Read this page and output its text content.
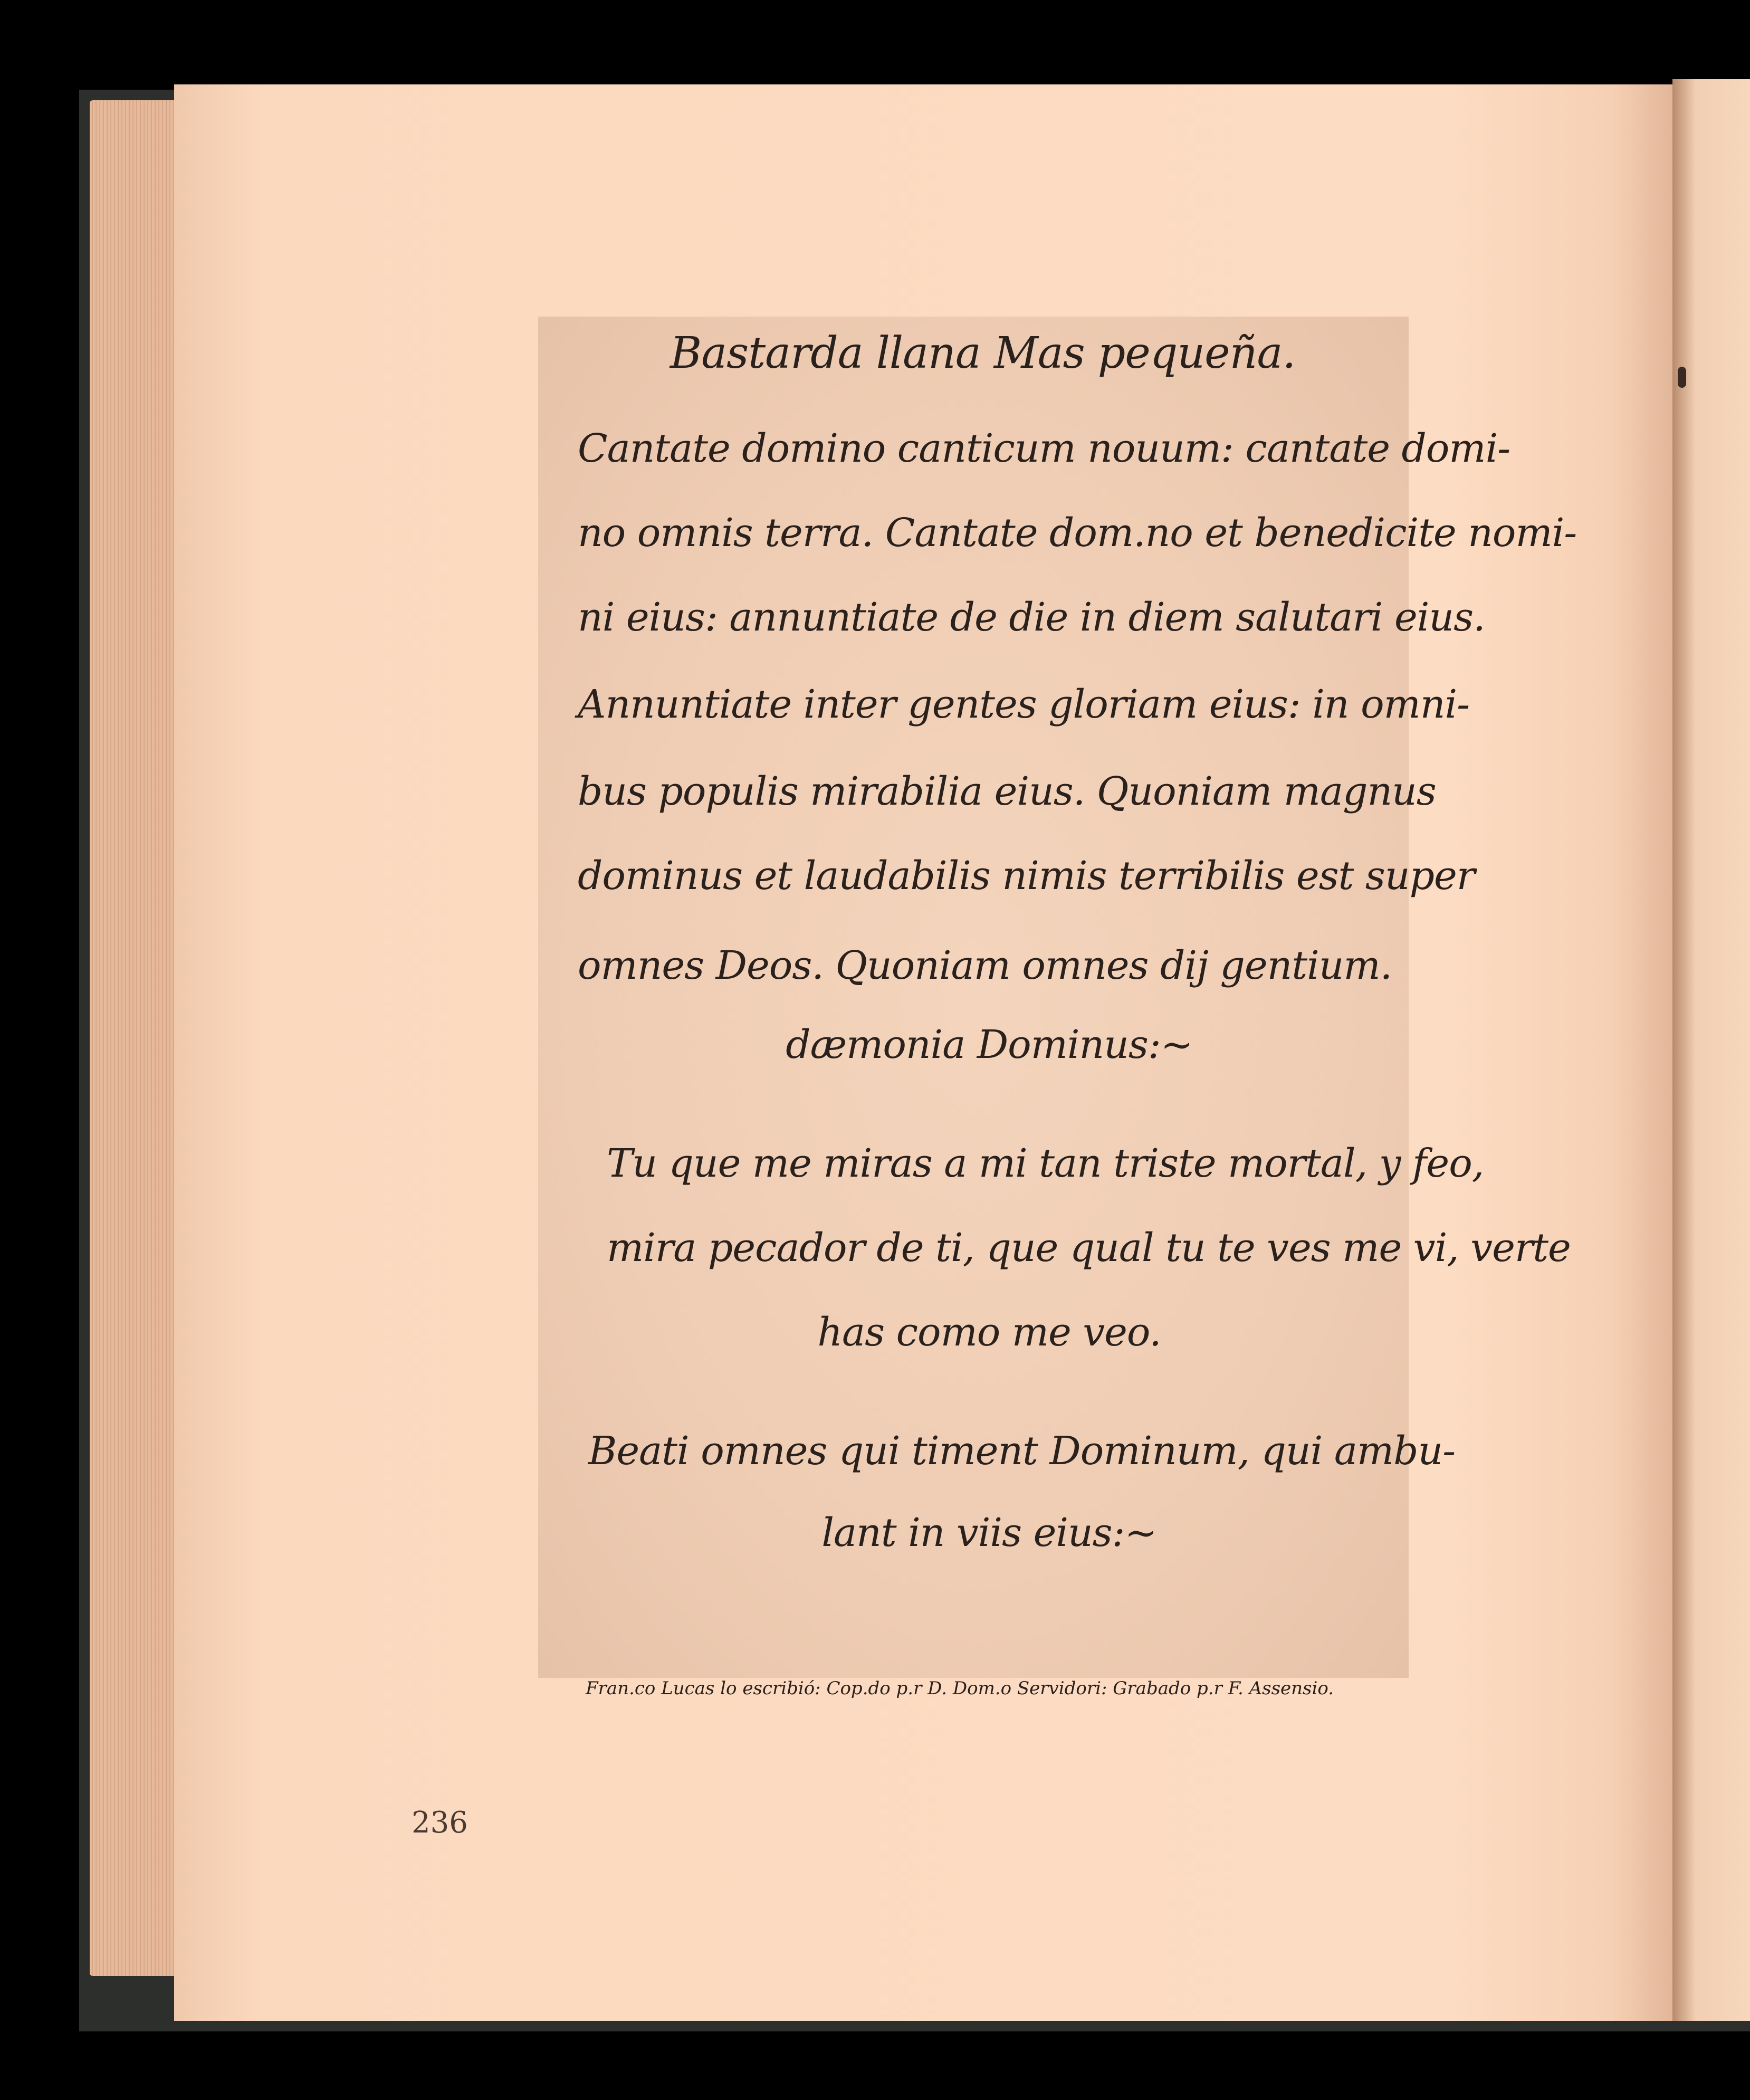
Bastarda llana Mas pequeña.

Cantate domino canticum nouum: cantate domi-

no omnis terra. Cantate dom.no et benedicite nomi-

ni eius: annuntiate de die in diem salutari eius.

Annuntiate inter gentes gloriam eius: in omni-

bus populis mirabilia eius. Quoniam magnus

dominus et laudabilis nimis terribilis est super

omnes Deos. Quoniam omnes dij gentium.

dæmonia Dominus:~

Tu que me miras a mi tan triste mortal, y feo,

mira pecador de ti, que qual tu te ves me vi, verte

has como me veo.

Beati omnes qui timent Dominum, qui ambu-

lant in viis eius:~

Fran.co Lucas lo escribió: Cop.do p.r D. Dom.o Servidori: Grabado p.r F. Assensio.

236
